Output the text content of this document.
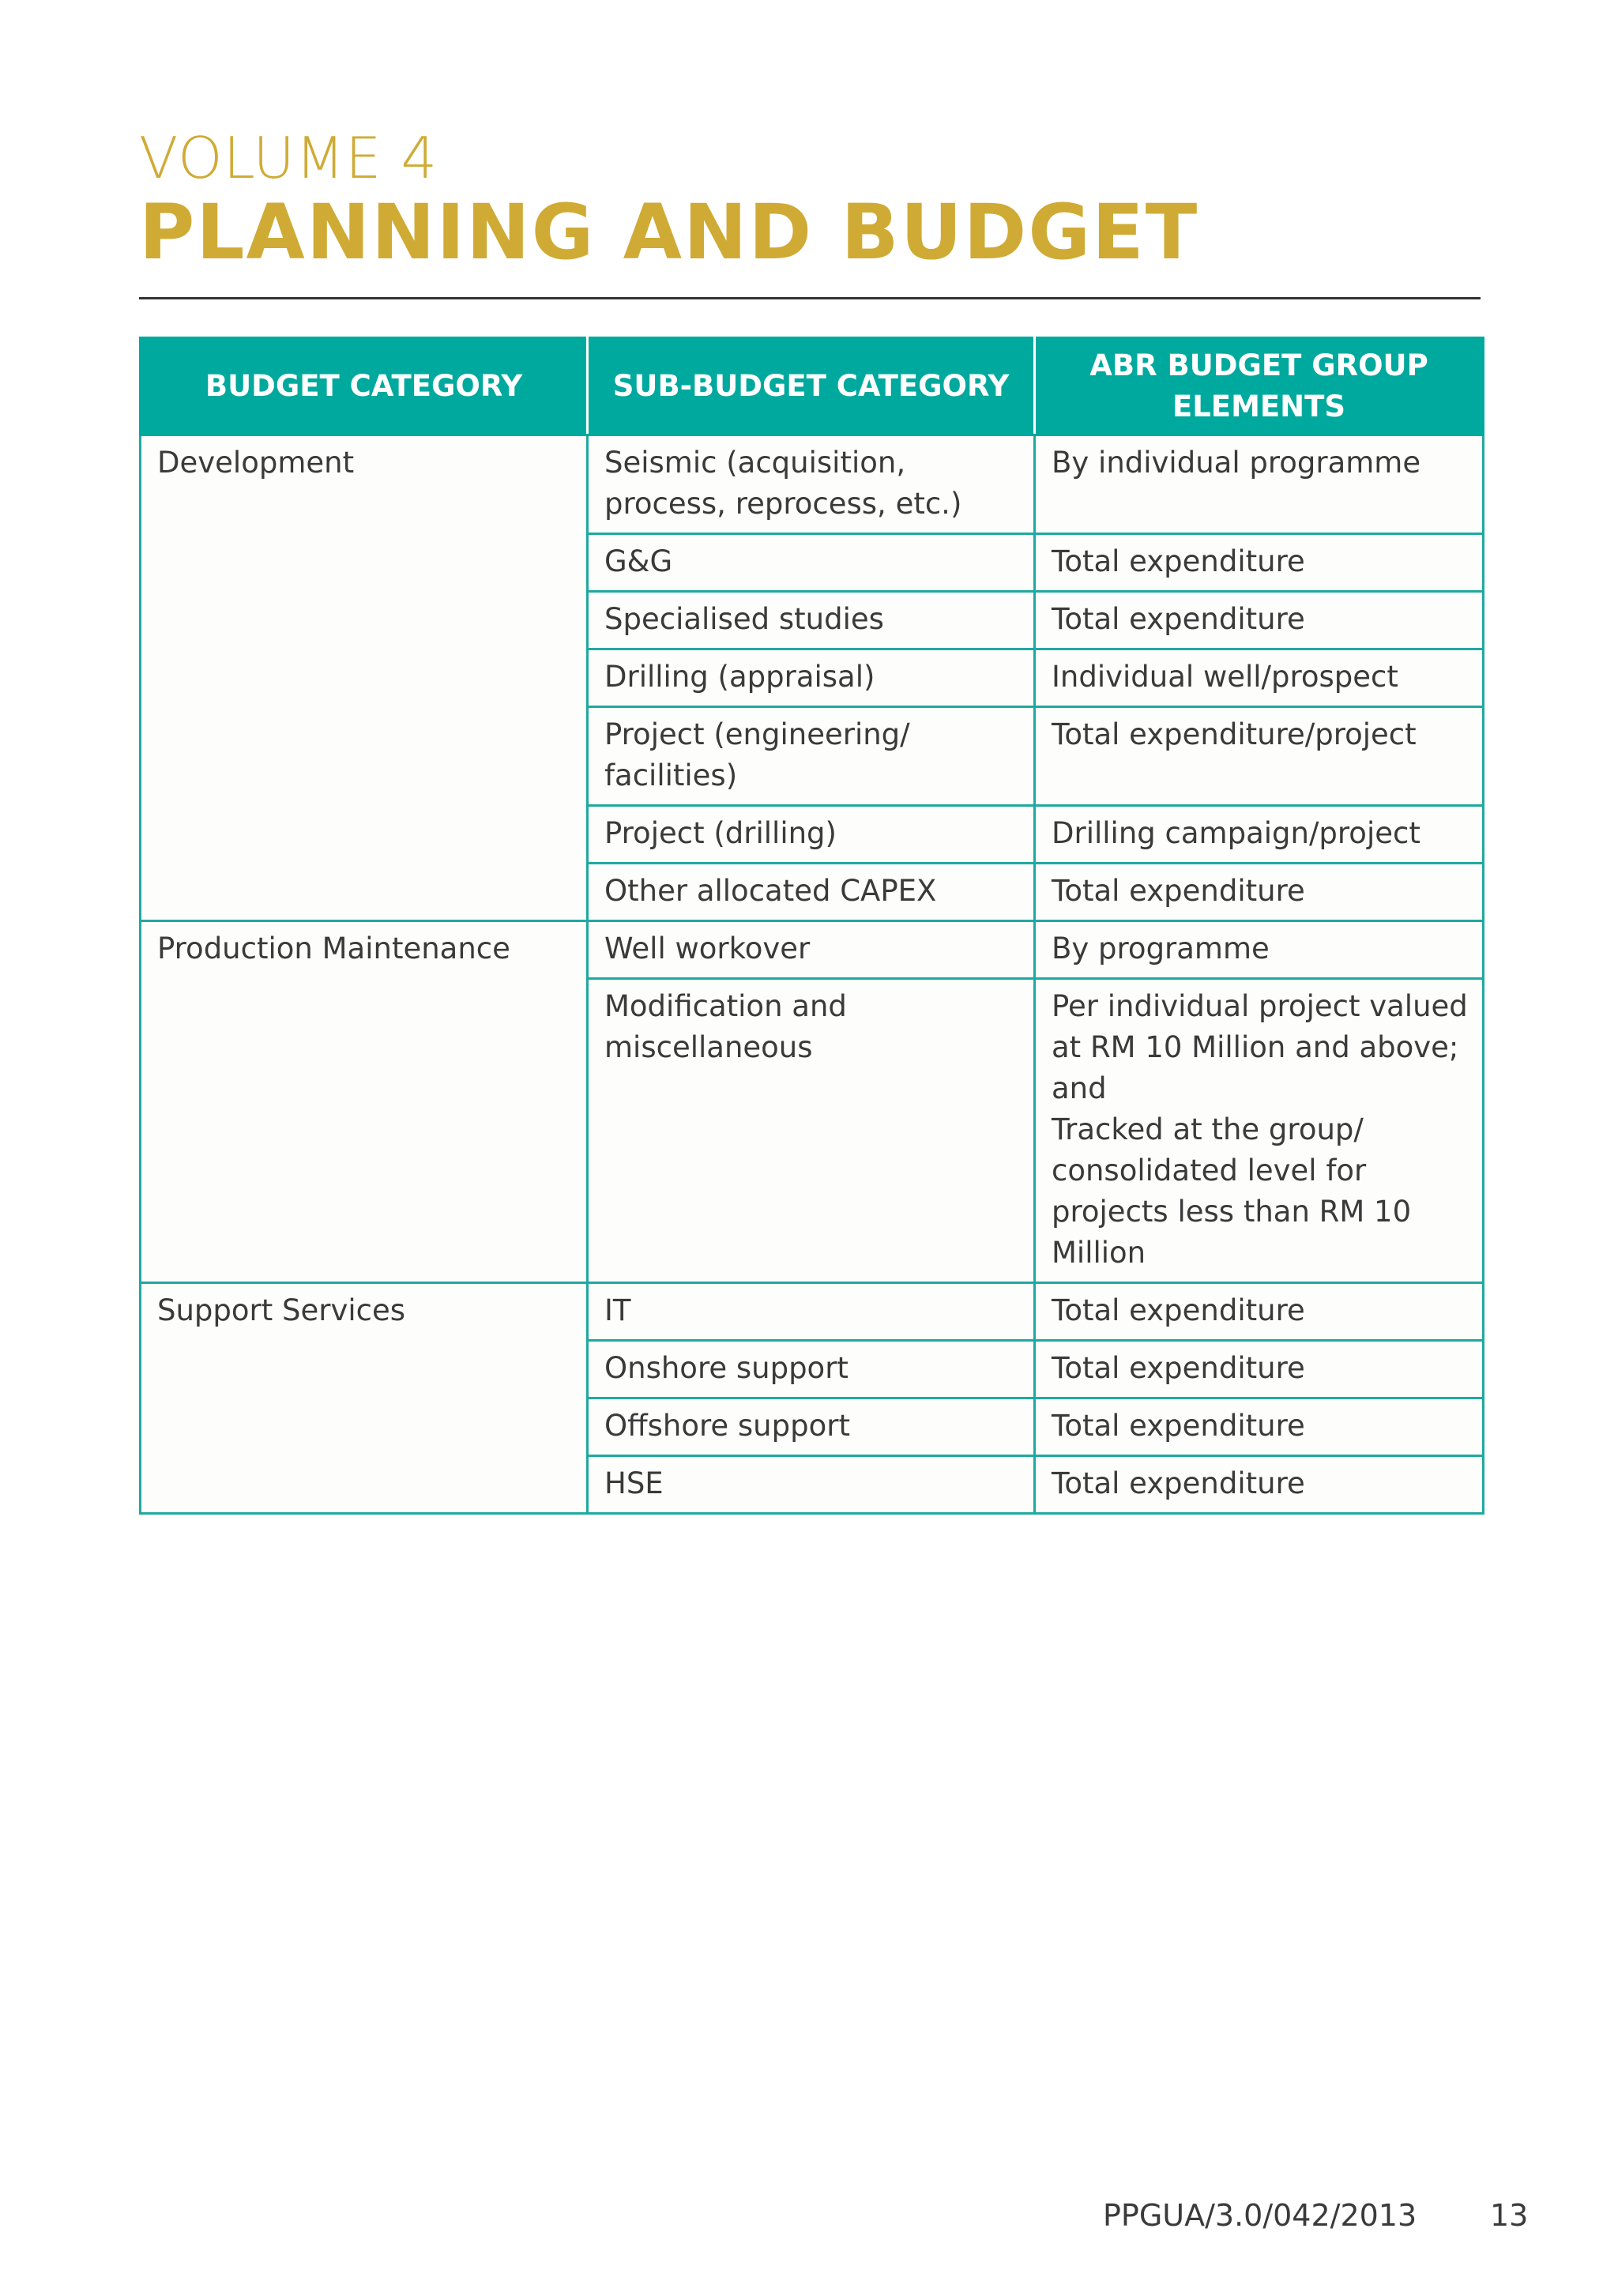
VOLUME 4
PLANNING AND BUDGET
BUDGET CATEGORY	SUB-BUDGET CATEGORY	ABR BUDGET GROUP ELEMENTS
Development	Seismic (acquisition, process, reprocess, etc.)	By individual programme
	G&G	Total expenditure
	Specialised studies	Total expenditure
	Drilling (appraisal)	Individual well/prospect
	Project (engineering/ facilities)	Total expenditure/project
	Project (drilling)	Drilling campaign/project
	Other allocated CAPEX	Total expenditure
Production Maintenance	Well workover	By programme
	Modification and miscellaneous	Per individual project valued at RM 10 Million and above; and
Tracked at the group/ consolidated level for projects less than RM 10 Million
Support Services	IT	Total expenditure
	Onshore support	Total expenditure
	Offshore support	Total expenditure
	HSE	Total expenditure
PPGUA/3.0/042/2013 13
